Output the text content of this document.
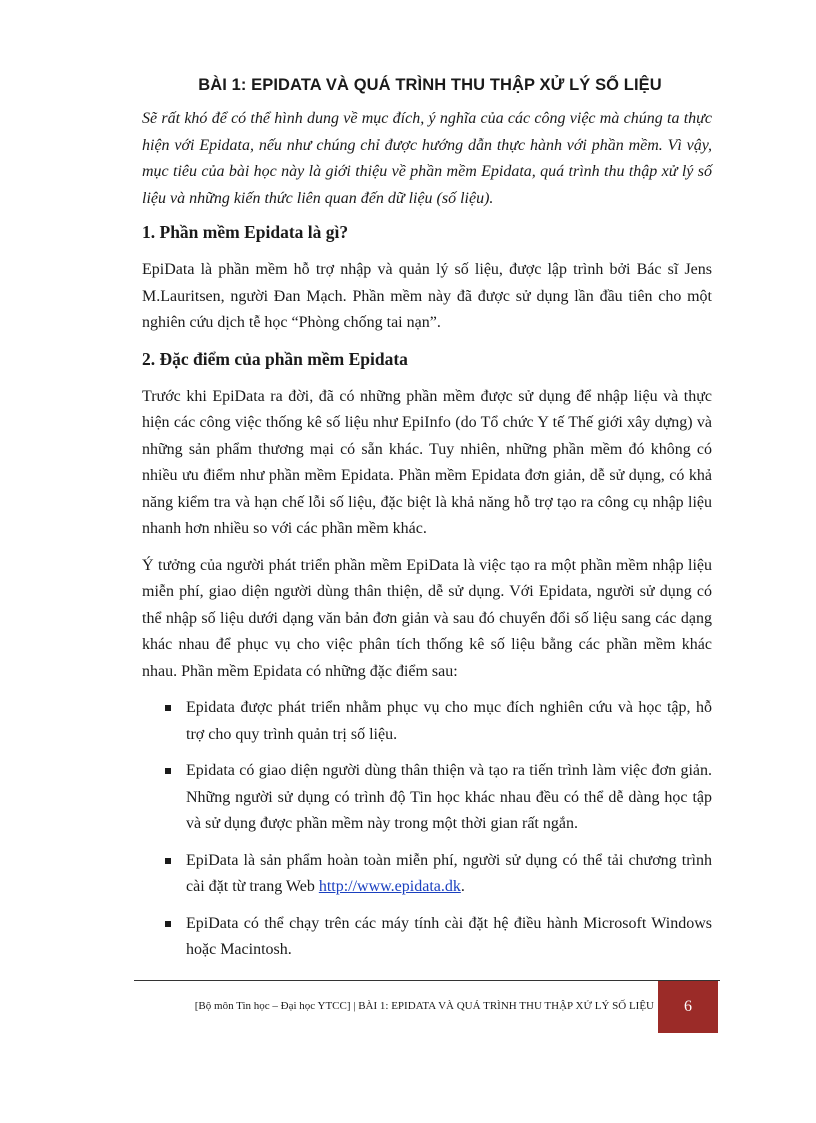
BÀI 1: EPIDATA VÀ QUÁ TRÌNH THU THẬP XỬ LÝ SỐ LIỆU

Sẽ rất khó để có thể hình dung về mục đích, ý nghĩa của các công việc mà chúng ta thực hiện với Epidata, nếu như chúng chỉ được hướng dẫn thực hành với phần mềm. Vì vậy, mục tiêu của bài học này là giới thiệu về phần mềm Epidata, quá trình thu thập xử lý số liệu và những kiến thức liên quan đến dữ liệu (số liệu).

1. Phần mềm Epidata là gì?

EpiData là phần mềm hỗ trợ nhập và quản lý số liệu, được lập trình bởi Bác sĩ Jens M.Lauritsen, người Đan Mạch. Phần mềm này đã được sử dụng lần đầu tiên cho một nghiên cứu dịch tễ học “Phòng chống tai nạn”.

2. Đặc điểm của phần mềm Epidata

Trước khi EpiData ra đời, đã có những phần mềm được sử dụng để nhập liệu và thực hiện các công việc thống kê số liệu như EpiInfo (do Tổ chức Y tế Thế giới xây dựng) và những sản phẩm thương mại có sẵn khác. Tuy nhiên, những phần mềm đó không có nhiều ưu điểm như phần mềm Epidata. Phần mềm Epidata đơn giản, dễ sử dụng, có khả năng kiểm tra và hạn chế lỗi số liệu, đặc biệt là khả năng hỗ trợ tạo ra công cụ nhập liệu nhanh hơn nhiều so với các phần mềm khác.

Ý tưởng của người phát triển phần mềm EpiData là việc tạo ra một phần mềm nhập liệu miễn phí, giao diện người dùng thân thiện, dễ sử dụng. Với Epidata, người sử dụng có thể nhập số liệu dưới dạng văn bản đơn giản và sau đó chuyển đổi số liệu sang các dạng khác nhau để phục vụ cho việc phân tích thống kê số liệu bằng các phần mềm khác nhau. Phần mềm Epidata có những đặc điểm sau:

Epidata được phát triển nhằm phục vụ cho mục đích nghiên cứu và học tập, hỗ trợ cho quy trình quản trị số liệu.
Epidata có giao diện người dùng thân thiện và tạo ra tiến trình làm việc đơn giản. Những người sử dụng có trình độ Tin học khác nhau đều có thể dễ dàng học tập và sử dụng được phần mềm này trong một thời gian rất ngắn.
EpiData là sản phẩm hoàn toàn miễn phí, người sử dụng có thể tải chương trình cài đặt từ trang Web http://www.epidata.dk.
EpiData có thể chạy trên các máy tính cài đặt hệ điều hành Microsoft Windows hoặc Macintosh.
[Bộ môn Tin học – Đại học YTCC] | BÀI 1: EPIDATA VÀ QUÁ TRÌNH THU THẬP XỬ LÝ SỐ LIỆU	6
